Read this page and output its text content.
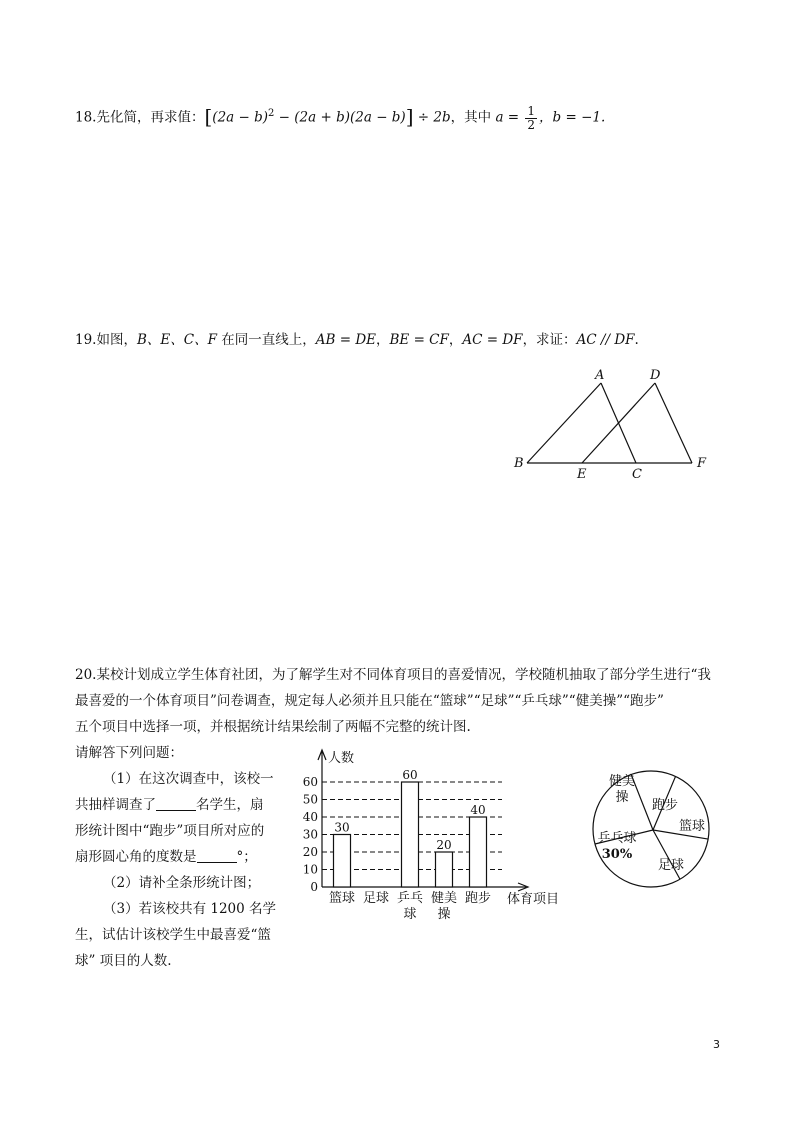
18.先化简，再求值：$[(2a - b)^2 - (2a + b)(2a - b)] \div 2b$，其中 $a = \frac{1}{2}$ ，b = −1.
19.如图，B、E、C、F 在同一直线上，AB = DE，BE = CF，AC = DF，求证：AC // DF.
A	D
B
E	C
F
20.某校计划成立学生体育社团，为了解学生对不同体育项目的喜爱情况，学校随机抽取了部分学生进行“我
最喜爱的一个体育项目”问卷调查，规定每人必须并且只能在“篮球”“足球”“乒乓球”“健美操”“跑步”
五个项目中选择一项，并根据统计结果绘制了两幅不完整的统计图.
请解答下列问题：
（1）在这次调查中，该校一
共抽样调查了	名学生，扇
形统计图中“跑步”项目所对应的
扇形圆心角的度数是	°；
（2）请补全条形统计图；
（3）若该校共有 1200 名学
生，试估计该校学生中最喜爱“篮
球” 项目的人数.
人数
0
10
20
30
40
50
60
30
篮球 足球
60
乒乓
球
20
健美
操
40
跑步 体育项目
健美
操
跑步
篮球
足球
乒乓球
30%
3
